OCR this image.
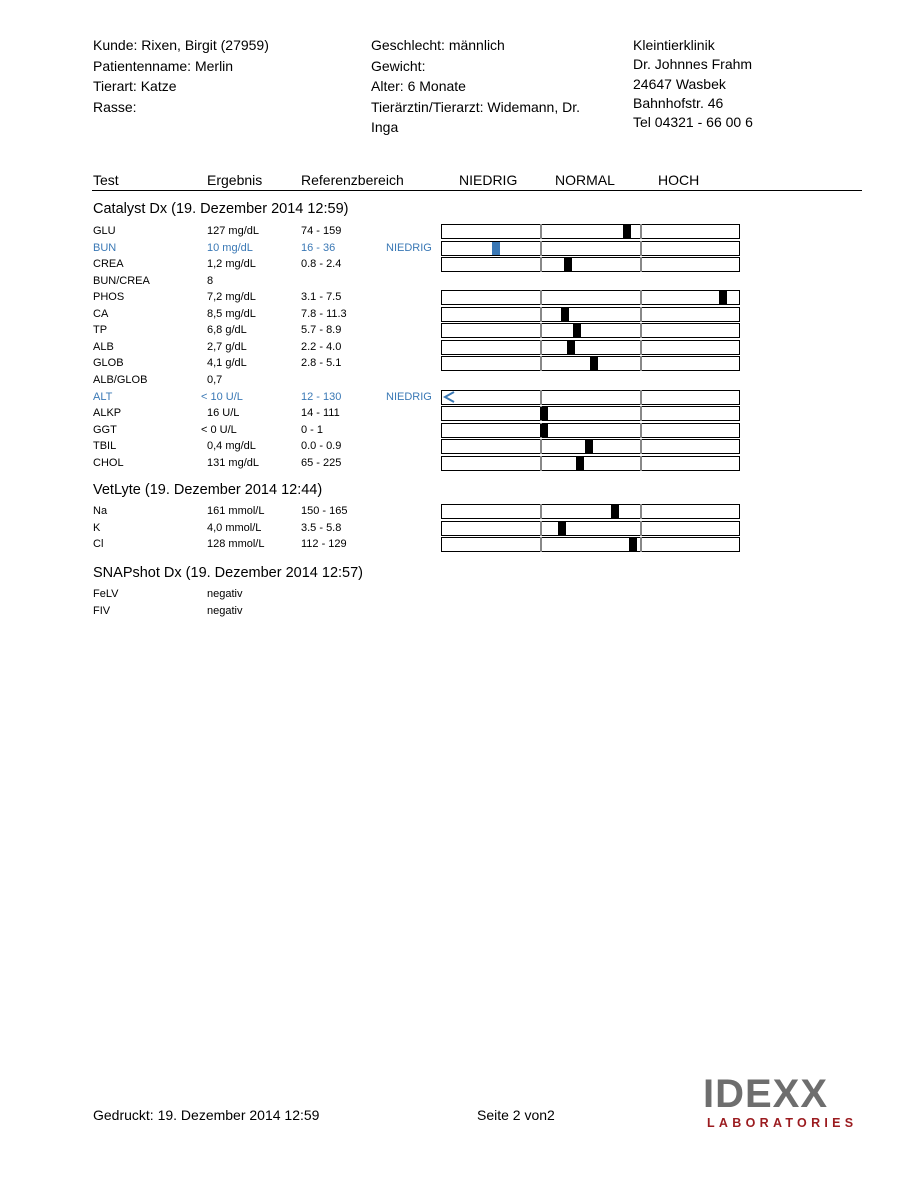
Kunde: Rixen, Birgit (27959)
Patientenname: Merlin
Tierart: Katze
Rasse:
Geschlecht: männlich
Gewicht:
Alter: 6 Monate
Tierärztin/Tierarzt: Widemann, Dr.
Inga
Kleintierklinik
Dr. Johnnes Frahm
24647 Wasbek
Bahnhofstr. 46
Tel 04321 - 66 00 6
Test	Ergebnis	Referenzbereich	NIEDRIG	NORMAL	HOCH
Catalyst Dx (19. Dezember 2014 12:59)
GLU	127 mg/dL	74 - 159
BUN	10 mg/dL	16 - 36	NIEDRIG
CREA	1,2 mg/dL	0.8 - 2.4
BUN/CREA	8
PHOS	7,2 mg/dL	3.1 - 7.5
CA	8,5 mg/dL	7.8 - 11.3
TP	6,8 g/dL	5.7 - 8.9
ALB	2,7 g/dL	2.2 - 4.0
GLOB	4,1 g/dL	2.8 - 5.1
ALB/GLOB	0,7
ALT	< 10 U/L	12 - 130	NIEDRIG
ALKP	16 U/L	14 - 111
GGT	< 0 U/L	0 - 1
TBIL	0,4 mg/dL	0.0 - 0.9
CHOL	131 mg/dL	65 - 225
VetLyte (19. Dezember 2014 12:44)
Na	161 mmol/L	150 - 165
K	4,0 mmol/L	3.5 - 5.8
Cl	128 mmol/L	112 - 129
SNAPshot Dx (19. Dezember 2014 12:57)
FeLV	negativ
FIV	negativ
Gedruckt: 19. Dezember 2014 12:59	Seite 2 von2	IDEXX
LABORATORIES
